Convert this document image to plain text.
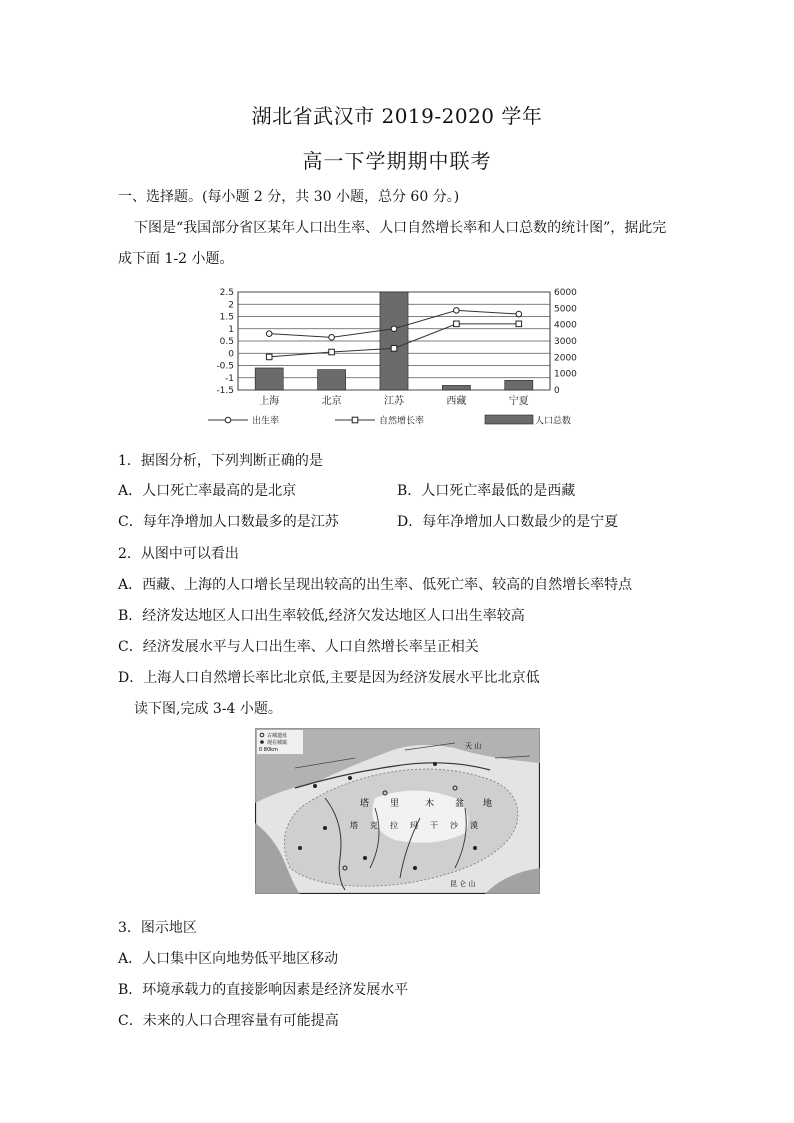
湖北省武汉市 2019-2020 学年
高一下学期期中联考
一、选择题。(每小题 2 分，共 30 小题，总分 60 分。)
下图是“我国部分省区某年人口出生率、人口自然增长率和人口总数的统计图”，据此完
成下面 1-2 小题。
2.5
2
1.5
1
0.5
0
-0.5
-1
-1.5
6000
5000
4000
3000
2000
1000
0
上海	北京	江苏	西藏	宁夏
出生率	自然增长率	人口总数
1．据图分析，下列判断正确的是
A．人口死亡率最高的是北京	B．人口死亡率最低的是西藏
C．每年净增加人口数最多的是江苏	D．每年净增加人口数最少的是宁夏
2．从图中可以看出
A．西藏、上海的人口增长呈现出较高的出生率、低死亡率、较高的自然增长率特点
B．经济发达地区人口出生率较低,经济欠发达地区人口出生率较高
C．经济发展水平与人口出生率、人口自然增长率呈正相关
D．上海人口自然增长率比北京低,主要是因为经济发展水平比北京低
读下图,完成 3-4 小题。
古城遗址
现在城镇
0 80km	天 山
昆 仑 山
塔 里	木 盆 地
塔 克 拉 玛 干 沙 漠
3．图示地区
A．人口集中区向地势低平地区移动
B．环境承载力的直接影响因素是经济发展水平
C．未来的人口合理容量有可能提高
